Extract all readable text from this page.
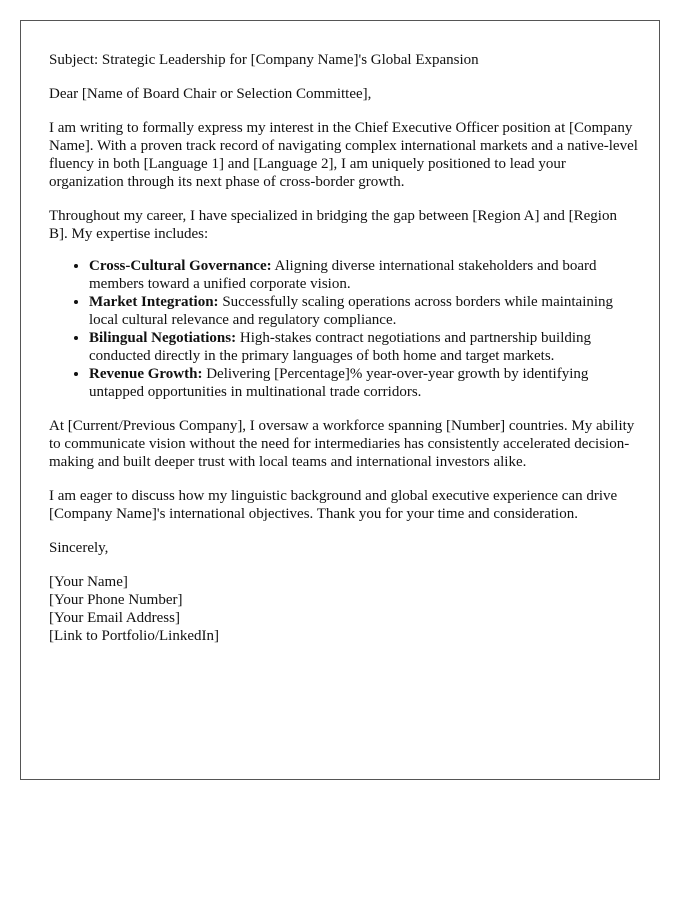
Subject: Strategic Leadership for [Company Name]'s Global Expansion

Dear [Name of Board Chair or Selection Committee],

I am writing to formally express my interest in the Chief Executive Officer position at [Company Name]. With a proven track record of navigating complex international markets and a native-level fluency in both [Language 1] and [Language 2], I am uniquely positioned to lead your organization through its next phase of cross-border growth.

Throughout my career, I have specialized in bridging the gap between [Region A] and [Region B]. My expertise includes:

• Cross-Cultural Governance: Aligning diverse international stakeholders and board members toward a unified corporate vision.
• Market Integration: Successfully scaling operations across borders while maintaining local cultural relevance and regulatory compliance.
• Bilingual Negotiations: High-stakes contract negotiations and partnership building conducted directly in the primary languages of both home and target markets.
• Revenue Growth: Delivering [Percentage]% year-over-year growth by identifying untapped opportunities in multinational trade corridors.

At [Current/Previous Company], I oversaw a workforce spanning [Number] countries. My ability to communicate vision without the need for intermediaries has consistently accelerated decision-making and built deeper trust with local teams and international investors alike.

I am eager to discuss how my linguistic background and global executive experience can drive [Company Name]'s international objectives. Thank you for your time and consideration.

Sincerely,

[Your Name]
[Your Phone Number]
[Your Email Address]
[Link to Portfolio/LinkedIn]
